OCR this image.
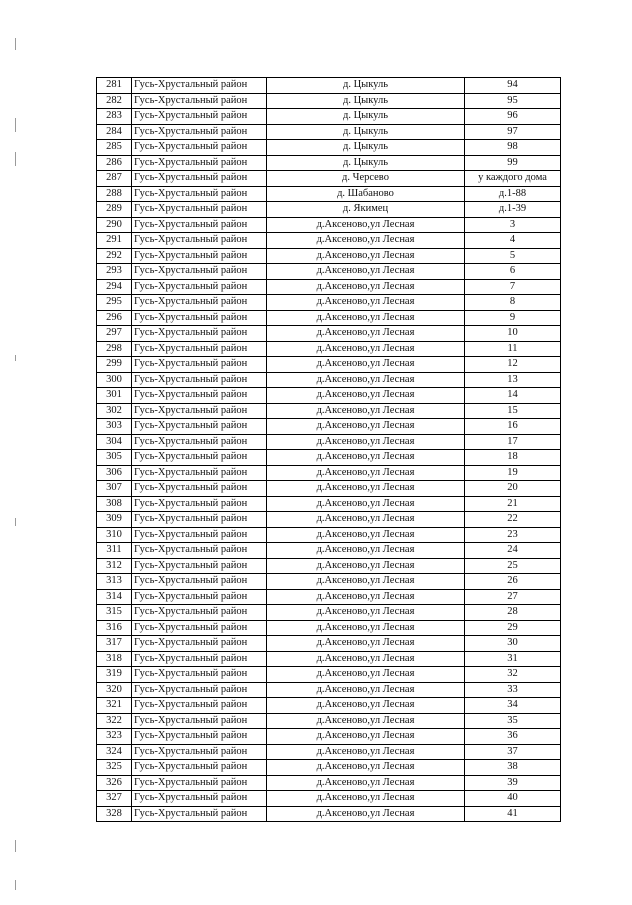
281	Гусь-Хрустальный район	д. Цыкуль	94
282	Гусь-Хрустальный район	д. Цыкуль	95
283	Гусь-Хрустальный район	д. Цыкуль	96
284	Гусь-Хрустальный район	д. Цыкуль	97
285	Гусь-Хрустальный район	д. Цыкуль	98
286	Гусь-Хрустальный район	д. Цыкуль	99
287	Гусь-Хрустальный район	д. Черсево	у каждого дома
288	Гусь-Хрустальный район	д. Шабаново	д.1-88
289	Гусь-Хрустальный район	д. Якимец	д.1-39
290	Гусь-Хрустальный район	д.Аксеново,ул Лесная	3
291	Гусь-Хрустальный район	д.Аксеново,ул Лесная	4
292	Гусь-Хрустальный район	д.Аксеново,ул Лесная	5
293	Гусь-Хрустальный район	д.Аксеново,ул Лесная	6
294	Гусь-Хрустальный район	д.Аксеново,ул Лесная	7
295	Гусь-Хрустальный район	д.Аксеново,ул Лесная	8
296	Гусь-Хрустальный район	д.Аксеново,ул Лесная	9
297	Гусь-Хрустальный район	д.Аксеново,ул Лесная	10
298	Гусь-Хрустальный район	д.Аксеново,ул Лесная	11
299	Гусь-Хрустальный район	д.Аксеново,ул Лесная	12
300	Гусь-Хрустальный район	д.Аксеново,ул Лесная	13
301	Гусь-Хрустальный район	д.Аксеново,ул Лесная	14
302	Гусь-Хрустальный район	д.Аксеново,ул Лесная	15
303	Гусь-Хрустальный район	д.Аксеново,ул Лесная	16
304	Гусь-Хрустальный район	д.Аксеново,ул Лесная	17
305	Гусь-Хрустальный район	д.Аксеново,ул Лесная	18
306	Гусь-Хрустальный район	д.Аксеново,ул Лесная	19
307	Гусь-Хрустальный район	д.Аксеново,ул Лесная	20
308	Гусь-Хрустальный район	д.Аксеново,ул Лесная	21
309	Гусь-Хрустальный район	д.Аксеново,ул Лесная	22
310	Гусь-Хрустальный район	д.Аксеново,ул Лесная	23
311	Гусь-Хрустальный район	д.Аксеново,ул Лесная	24
312	Гусь-Хрустальный район	д.Аксеново,ул Лесная	25
313	Гусь-Хрустальный район	д.Аксеново,ул Лесная	26
314	Гусь-Хрустальный район	д.Аксеново,ул Лесная	27
315	Гусь-Хрустальный район	д.Аксеново,ул Лесная	28
316	Гусь-Хрустальный район	д.Аксеново,ул Лесная	29
317	Гусь-Хрустальный район	д.Аксеново,ул Лесная	30
318	Гусь-Хрустальный район	д.Аксеново,ул Лесная	31
319	Гусь-Хрустальный район	д.Аксеново,ул Лесная	32
320	Гусь-Хрустальный район	д.Аксеново,ул Лесная	33
321	Гусь-Хрустальный район	д.Аксеново,ул Лесная	34
322	Гусь-Хрустальный район	д.Аксеново,ул Лесная	35
323	Гусь-Хрустальный район	д.Аксеново,ул Лесная	36
324	Гусь-Хрустальный район	д.Аксеново,ул Лесная	37
325	Гусь-Хрустальный район	д.Аксеново,ул Лесная	38
326	Гусь-Хрустальный район	д.Аксеново,ул Лесная	39
327	Гусь-Хрустальный район	д.Аксеново,ул Лесная	40
328	Гусь-Хрустальный район	д.Аксеново,ул Лесная	41
